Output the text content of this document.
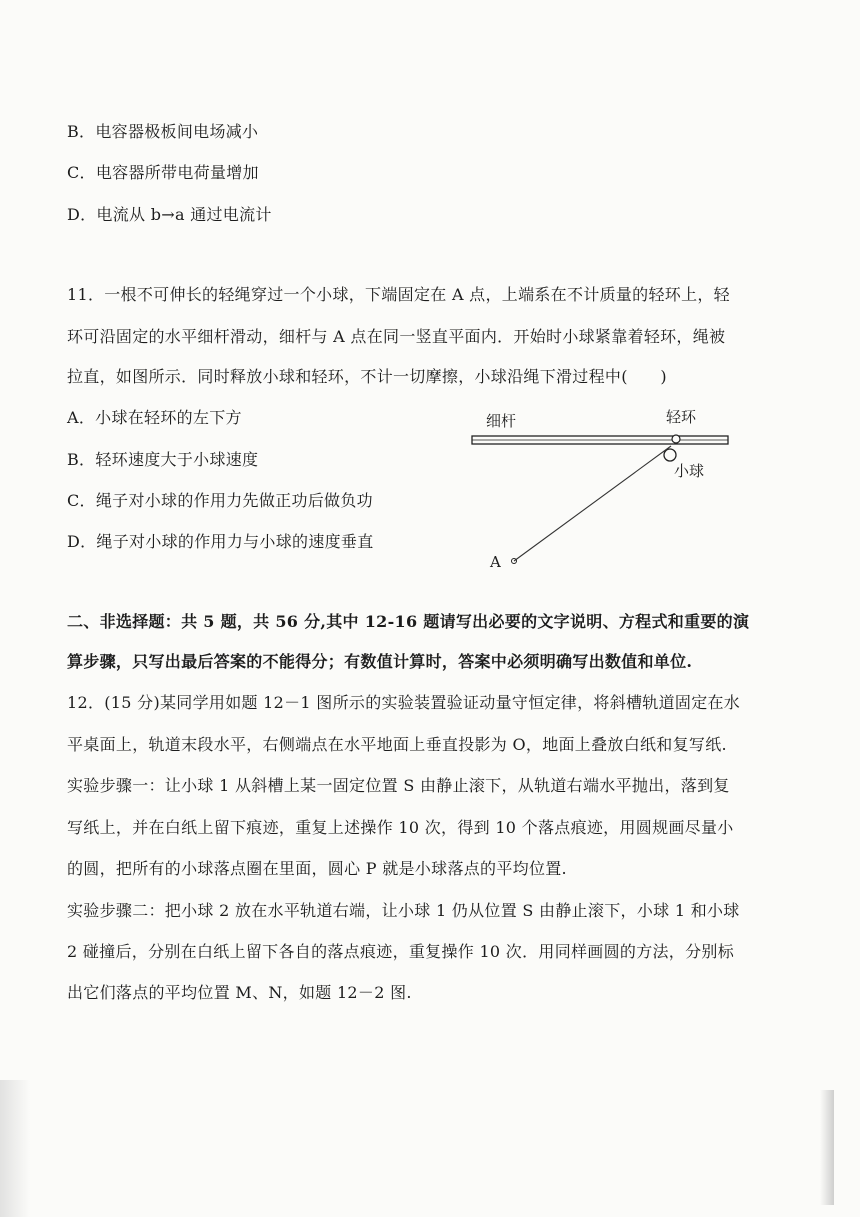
B．电容器极板间电场减小
C．电容器所带电荷量增加
D．电流从 b→a 通过电流计
11．一根不可伸长的轻绳穿过一个小球，下端固定在 A 点，上端系在不计质量的轻环上，轻
环可沿固定的水平细杆滑动，细杆与 A 点在同一竖直平面内．开始时小球紧靠着轻环，绳被
拉直，如图所示．同时释放小球和轻环，不计一切摩擦，小球沿绳下滑过程中(　　)
A．小球在轻环的左下方
B．轻环速度大于小球速度
C．绳子对小球的作用力先做正功后做负功
D．绳子对小球的作用力与小球的速度垂直
细杆	轻环
小球
A
二、非选择题：共 5 题，共 56 分,其中 12-16 题请写出必要的文字说明、方程式和重要的演
算步骤，只写出最后答案的不能得分；有数值计算时，答案中必须明确写出数值和单位.
12．(15 分)某同学用如题 12－1 图所示的实验装置验证动量守恒定律，将斜槽轨道固定在水
平桌面上，轨道末段水平，右侧端点在水平地面上垂直投影为 O，地面上叠放白纸和复写纸.
实验步骤一：让小球 1 从斜槽上某一固定位置 S 由静止滚下，从轨道右端水平抛出，落到复
写纸上，并在白纸上留下痕迹，重复上述操作 10 次，得到 10 个落点痕迹，用圆规画尽量小
的圆，把所有的小球落点圈在里面，圆心 P 就是小球落点的平均位置.
实验步骤二：把小球 2 放在水平轨道右端，让小球 1 仍从位置 S 由静止滚下，小球 1 和小球
2 碰撞后，分别在白纸上留下各自的落点痕迹，重复操作 10 次．用同样画圆的方法，分别标
出它们落点的平均位置 M、N，如题 12－2 图.
